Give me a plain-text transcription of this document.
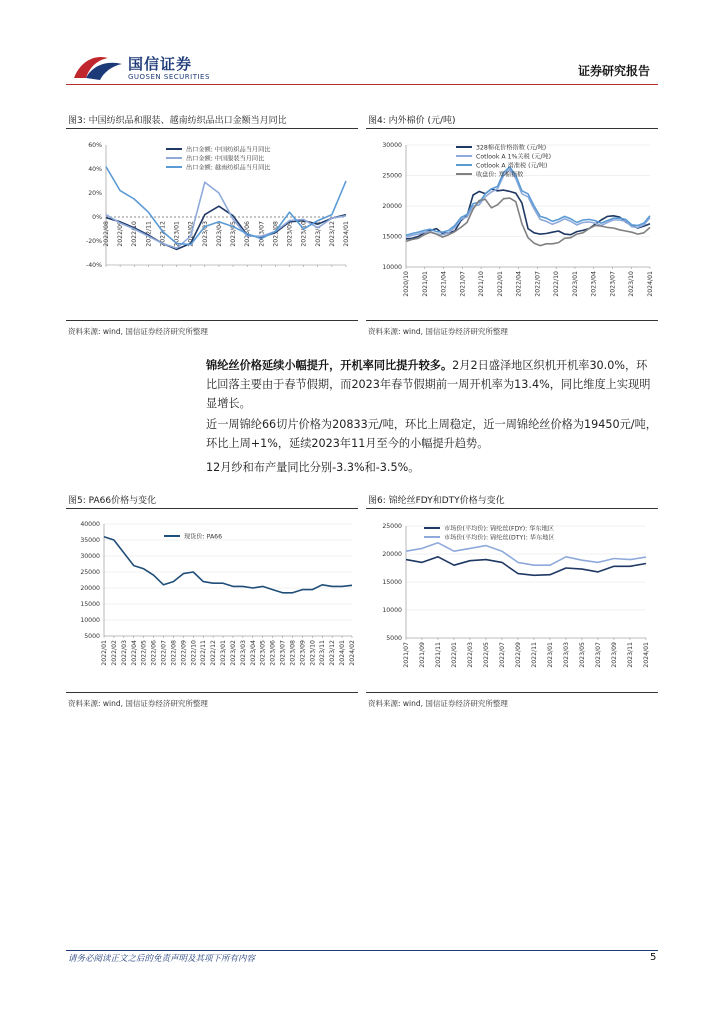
国信证券
GUOSEN SECURITIES	证券研究报告
图3: 中国纺织品和服装、越南纺织品出口金额当月同比
60%
40%
20%
0%
-20%
-40%
2022/08 2022/09 2022/10 2022/11 2022/12 2023/01 2023/02 2023/03 2023/04 2023/05 2023/06 2023/07 2023/08 2023/09 2023/10 2023/11 2023/12 2024/01
出口金额: 中国纺织品当月同比
出口金额: 中国服装当月同比
出口金额: 越南纺织品当月同比
资料来源: wind, 国信证券经济研究所整理
图4: 内外棉价 (元/吨)
30000
25000
20000
15000
10000
2020/10 2021/01 2021/04 2021/07 2021/10 2022/01 2022/04 2022/07 2022/10 2023/01 2023/04 2023/07 2023/10 2024/01
328棉花价格指数 (元/吨)
Cotlook A 1%关税 (元/吨)
Cotlook A 滑准税 (元/吨)
收盘价: 郑棉指数
资料来源: wind, 国信证券经济研究所整理
锦纶丝价格延续小幅提升，开机率同比提升较多。2月2日盛泽地区织机开机率30.0%，环比回落主要由于春节假期，而2023年春节假期前一周开机率为13.4%，同比维度上实现明显增长。
近一周锦纶66切片价格为20833元/吨，环比上周稳定，近一周锦纶丝价格为19450元/吨，环比上周+1%，延续2023年11月至今的小幅提升趋势。
12月纱和布产量同比分别-3.3%和-3.5%。
图5: PA66价格与变化
40000
35000
30000
25000
20000
15000
10000
5000
2022/01 2022/02 2022/03 2022/04 2022/05 2022/06 2022/07 2022/08 2022/09 2022/10 2022/11 2022/12 2023/01 2023/02 2023/03 2023/04 2023/05 2023/06 2023/07 2023/08 2023/09 2023/10 2023/11 2023/12 2024/01 2024/02
现货价: PA66
资料来源: wind, 国信证券经济研究所整理
图6: 锦纶丝FDY和DTY价格与变化
25000
20000
15000
10000
5000
2021/07 2021/09 2021/11 2022/01 2022/03 2022/05 2022/07 2022/09 2022/11 2023/01 2023/03 2023/05 2023/07 2023/09 2023/11 2024/01
市场价(平均价): 锦纶丝(FDY): 华东地区
市场价(平均价): 锦纶丝(DTY): 华东地区
资料来源: wind, 国信证券经济研究所整理
请务必阅读正文之后的免责声明及其项下所有内容	5
